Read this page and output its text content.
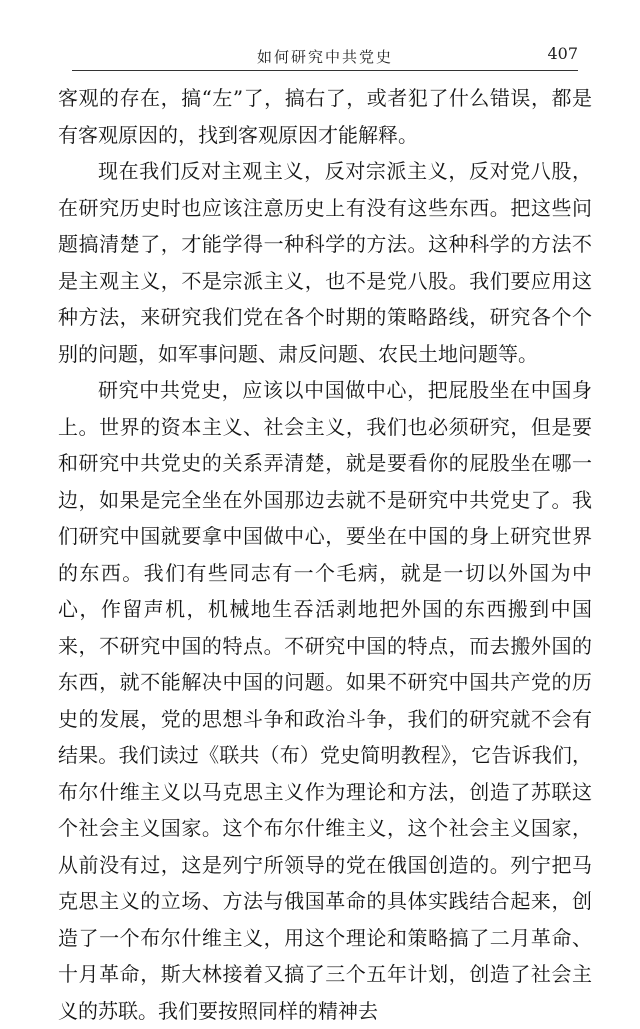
如何研究中共党史	407

客观的存在，搞“左”了，搞右了，或者犯了什么错误，都是有客观原因的，找到客观原因才能解释。

现在我们反对主观主义，反对宗派主义，反对党八股，在研究历史时也应该注意历史上有没有这些东西。把这些问题搞清楚了，才能学得一种科学的方法。这种科学的方法不是主观主义，不是宗派主义，也不是党八股。我们要应用这种方法，来研究我们党在各个时期的策略路线，研究各个个别的问题，如军事问题、肃反问题、农民土地问题等。

研究中共党史，应该以中国做中心，把屁股坐在中国身上。世界的资本主义、社会主义，我们也必须研究，但是要和研究中共党史的关系弄清楚，就是要看你的屁股坐在哪一边，如果是完全坐在外国那边去就不是研究中共党史了。我们研究中国就要拿中国做中心，要坐在中国的身上研究世界的东西。我们有些同志有一个毛病，就是一切以外国为中心，作留声机，机械地生吞活剥地把外国的东西搬到中国来，不研究中国的特点。不研究中国的特点，而去搬外国的东西，就不能解决中国的问题。如果不研究中国共产党的历史的发展，党的思想斗争和政治斗争，我们的研究就不会有结果。我们读过《联共（布）党史简明教程》，它告诉我们，布尔什维主义以马克思主义作为理论和方法，创造了苏联这个社会主义国家。这个布尔什维主义，这个社会主义国家，从前没有过，这是列宁所领导的党在俄国创造的。列宁把马克思主义的立场、方法与俄国革命的具体实践结合起来，创造了一个布尔什维主义，用这个理论和策略搞了二月革命、十月革命，斯大林接着又搞了三个五年计划，创造了社会主义的苏联。我们要按照同样的精神去
